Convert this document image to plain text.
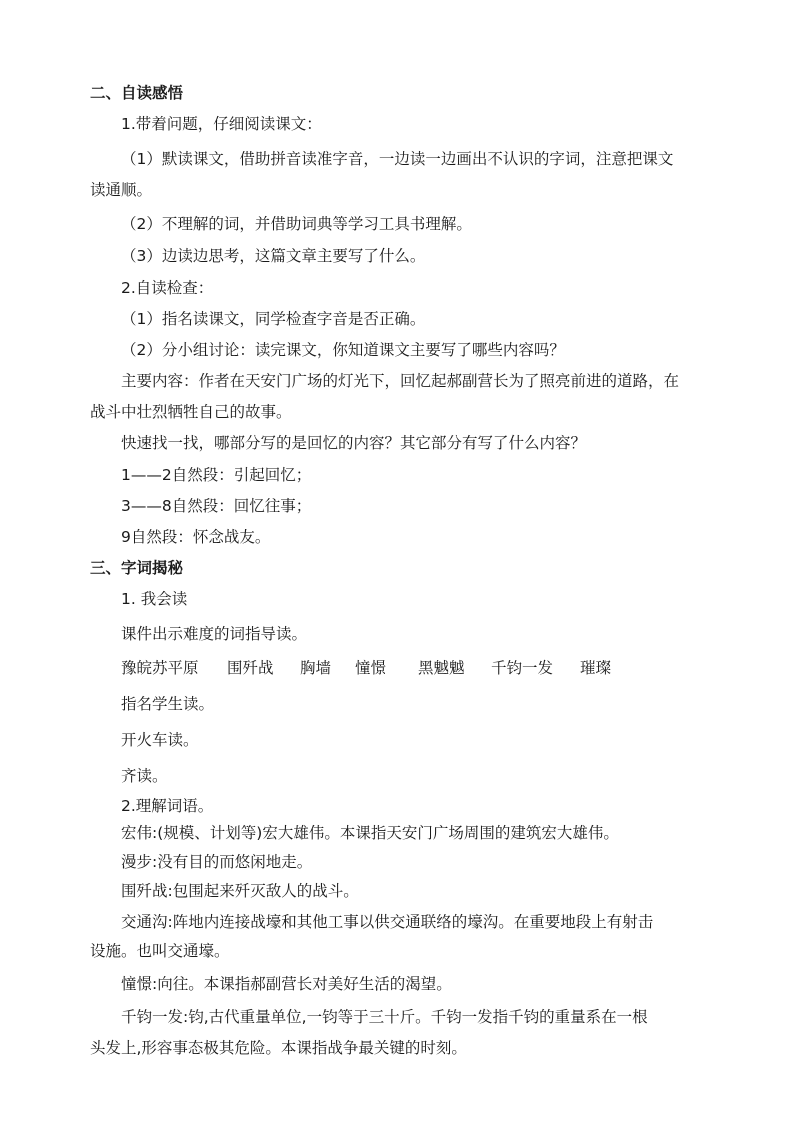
二、自读感悟
1.带着问题，仔细阅读课文：
（1）默读课文，借助拼音读准字音，一边读一边画出不认识的字词，注意把课文
读通顺。
（2）不理解的词，并借助词典等学习工具书理解。
（3）边读边思考，这篇文章主要写了什么。
2.自读检查：
（1）指名读课文，同学检查字音是否正确。
（2）分小组讨论：读完课文，你知道课文主要写了哪些内容吗？
主要内容：作者在天安门广场的灯光下，回忆起郝副营长为了照亮前进的道路，在
战斗中壮烈牺牲自己的故事。
快速找一找，哪部分写的是回忆的内容？其它部分有写了什么内容？
1——2自然段：引起回忆；
3——8自然段：回忆往事；
9自然段：怀念战友。
三、字词揭秘
1. 我会读
课件出示难度的词指导读。
豫皖苏平原 围歼战 胸墙 憧憬 黑魆魆 千钧一发 璀璨
指名学生读。
开火车读。
齐读。
2.理解词语。
宏伟:(规模、计划等)宏大雄伟。本课指天安门广场周围的建筑宏大雄伟。
漫步:没有目的而悠闲地走。
围歼战:包围起来歼灭敌人的战斗。
交通沟:阵地内连接战壕和其他工事以供交通联络的壕沟。在重要地段上有射击
设施。也叫交通壕。
憧憬:向往。本课指郝副营长对美好生活的渴望。
千钧一发:钧,古代重量单位,一钧等于三十斤。千钧一发指千钧的重量系在一根
头发上,形容事态极其危险。本课指战争最关键的时刻。
